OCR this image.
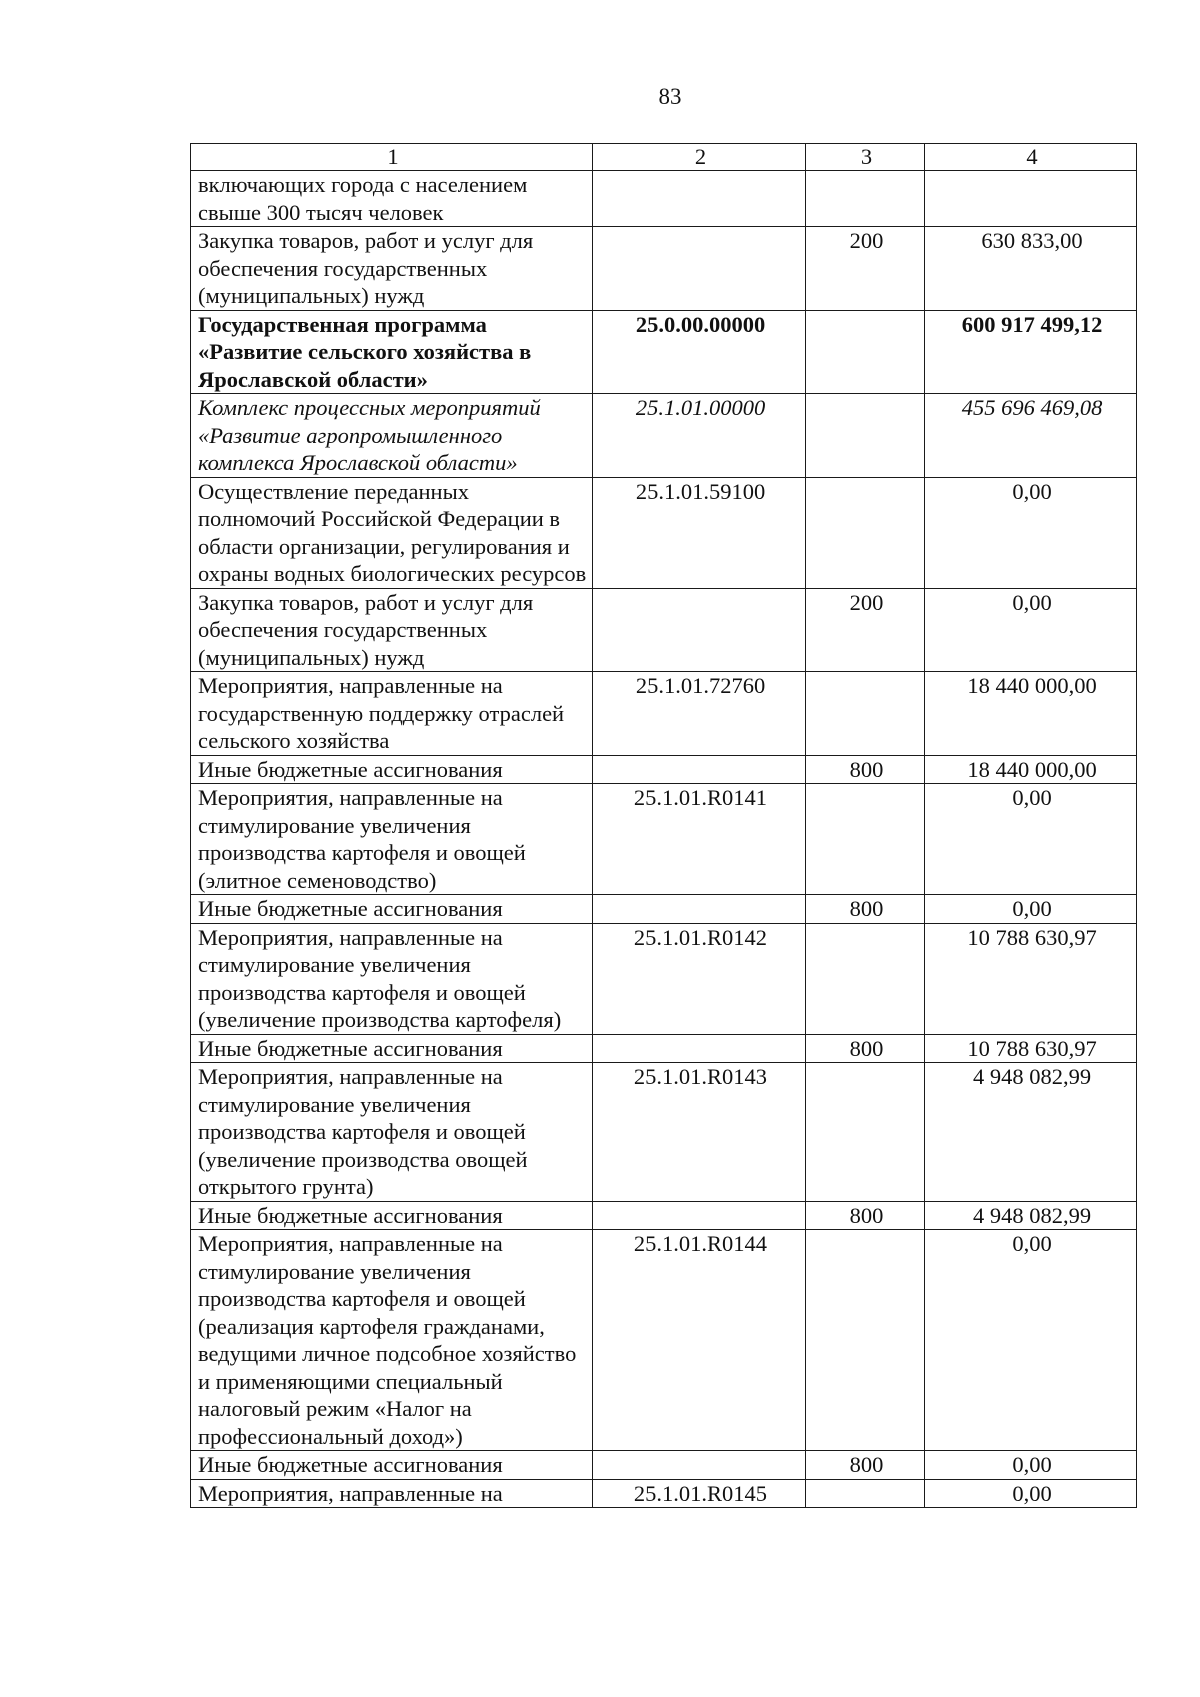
83
1	2	3	4
включающих города с населением свыше 300 тысяч человек			
Закупка товаров, работ и услуг для обеспечения государственных (муниципальных) нужд		200	630 833,00
Государственная программа «Развитие сельского хозяйства в Ярославской области»	25.0.00.00000		600 917 499,12
Комплекс процессных мероприятий «Развитие агропромышленного комплекса Ярославской области»	25.1.01.00000		455 696 469,08
Осуществление переданных полномочий Российской Федерации в области организации, регулирования и охраны водных биологических ресурсов	25.1.01.59100		0,00
Закупка товаров, работ и услуг для обеспечения государственных (муниципальных) нужд		200	0,00
Мероприятия, направленные на государственную поддержку отраслей сельского хозяйства	25.1.01.72760		18 440 000,00
Иные бюджетные ассигнования		800	18 440 000,00
Мероприятия, направленные на стимулирование увеличения производства картофеля и овощей (элитное семеноводство)	25.1.01.R0141		0,00
Иные бюджетные ассигнования		800	0,00
Мероприятия, направленные на стимулирование увеличения производства картофеля и овощей (увеличение производства картофеля)	25.1.01.R0142		10 788 630,97
Иные бюджетные ассигнования		800	10 788 630,97
Мероприятия, направленные на стимулирование увеличения производства картофеля и овощей (увеличение производства овощей открытого грунта)	25.1.01.R0143		4 948 082,99
Иные бюджетные ассигнования		800	4 948 082,99
Мероприятия, направленные на стимулирование увеличения производства картофеля и овощей (реализация картофеля гражданами, ведущими личное подсобное хозяйство и применяющими специальный налоговый режим «Налог на профессиональный доход»)	25.1.01.R0144		0,00
Иные бюджетные ассигнования		800	0,00
Мероприятия, направленные на	25.1.01.R0145		0,00
